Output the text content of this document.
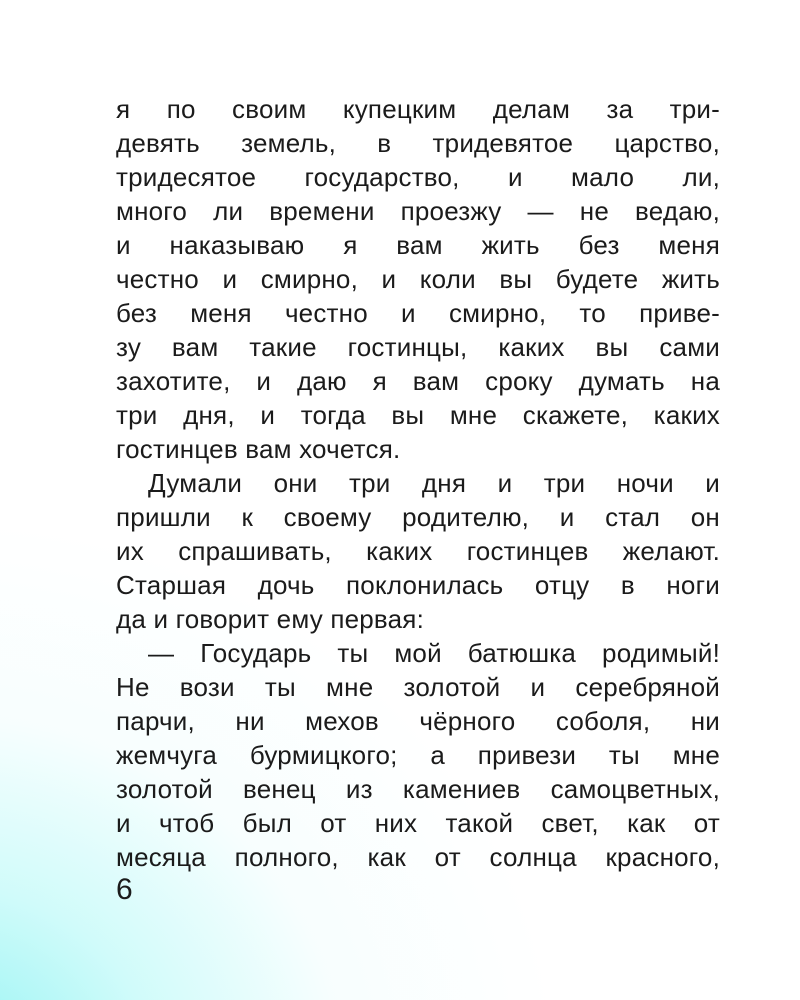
я по своим купецким делам за три-
девять земель, в тридевятое царство,
тридесятое государство, и мало ли,
много ли времени проезжу — не ведаю,
и наказываю я вам жить без меня
честно и смирно, и коли вы будете жить
без меня честно и смирно, то приве-
зу вам такие гостинцы, каких вы сами
захотите, и даю я вам сроку думать на
три дня, и тогда вы мне скажете, каких
гостинцев вам хочется.
Думали они три дня и три ночи и
пришли к своему родителю, и стал он
их спрашивать, каких гостинцев желают.
Старшая дочь поклонилась отцу в ноги
да и говорит ему первая:
— Государь ты мой батюшка родимый!
Не вози ты мне золотой и серебряной
парчи, ни мехов чёрного соболя, ни
жемчуга бурмицкого; а привези ты мне
золотой венец из камениев самоцветных,
и чтоб был от них такой свет, как от
месяца полного, как от солнца красного,
6
